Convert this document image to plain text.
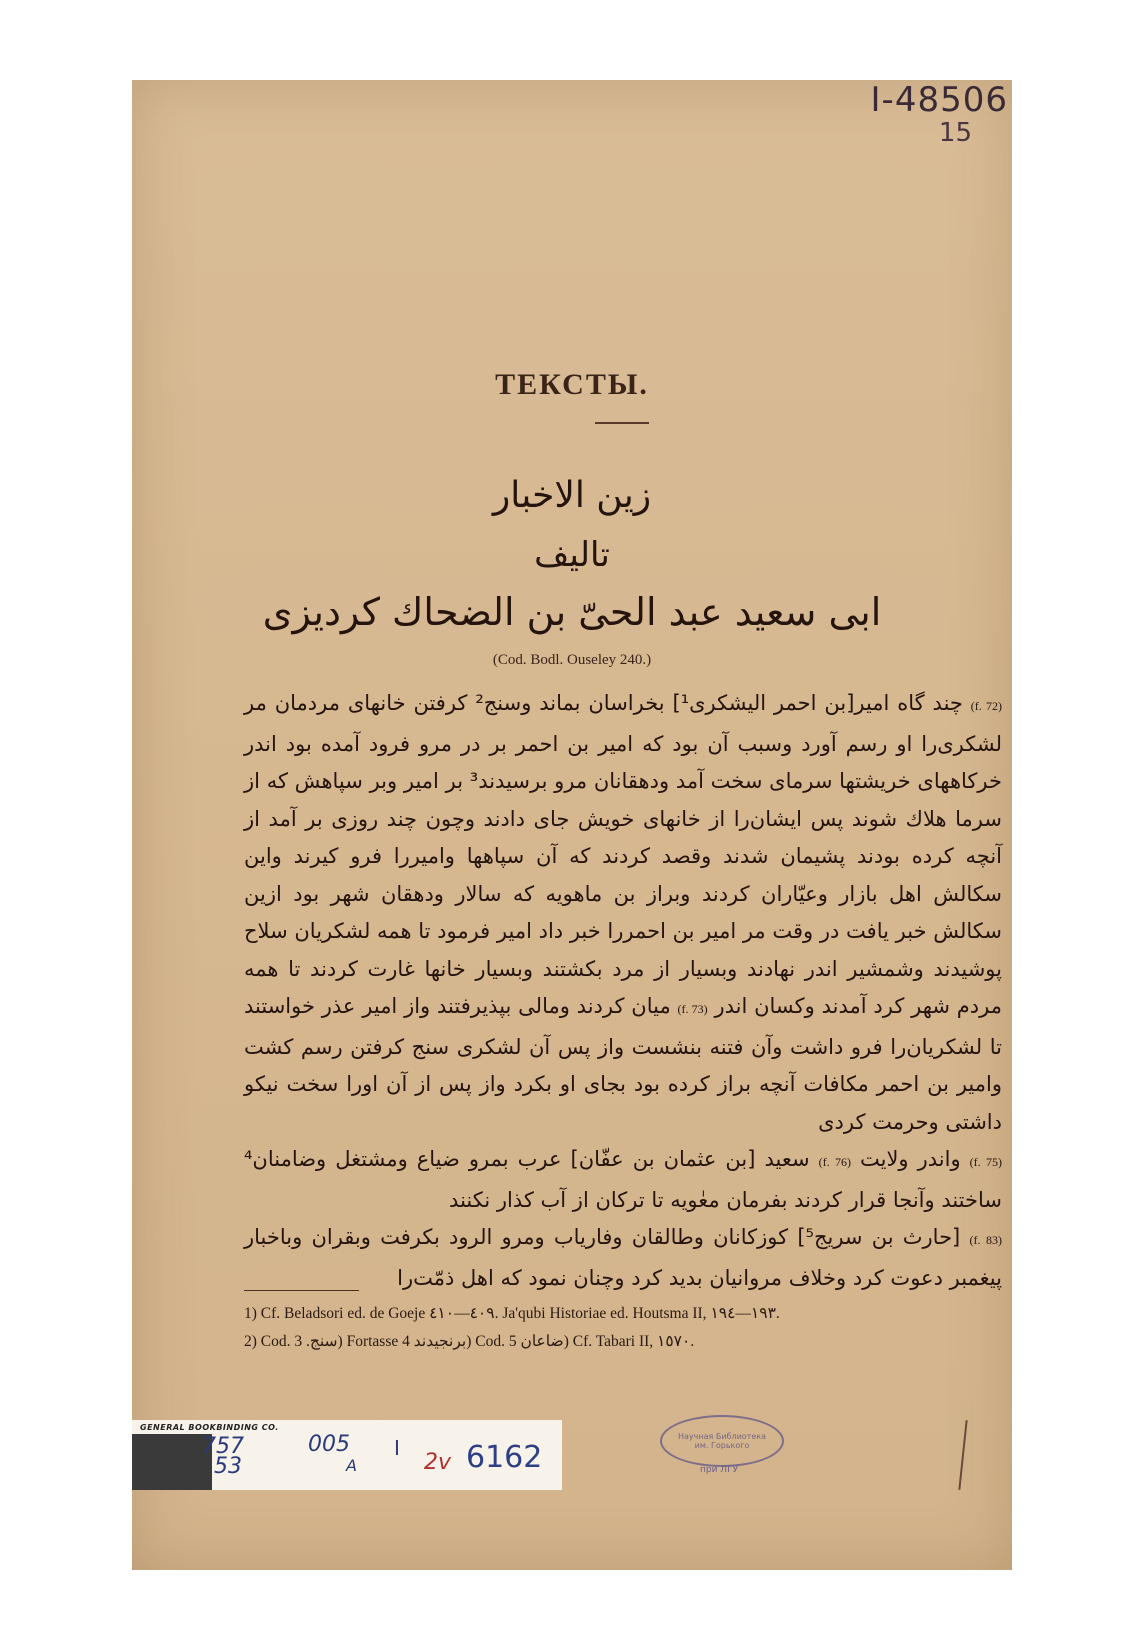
I-48506
15
ТЕКСТЫ.
زين الاخبار
تاليف
ابى سعيد عبد الحىّ بن الضحاك كرديزى
(Cod. Bodl. Ouseley 240.)

(f. 72) چند گاه امير[بن احمر اليشكرى¹] بخراسان بماند وسنج² كرفتن خانهاى مردمان مر لشكرى‌را او رسم آورد وسبب آن بود كه امير بن احمر بر در مرو فرود آمده بود اندر خركاههاى خريشتها سرماى سخت آمد ودهقانان مرو برسيدند³ بر امير وبر سپاهش كه از سرما هلاك شوند پس ايشان‌را از خانهاى خويش جاى دادند وچون چند روزى بر آمد از آنچه كرده بودند پشيمان شدند وقصد كردند كه آن سپاهها وامير‌را فرو كيرند واين سكالش اهل بازار وعيّاران كردند وبراز بن ماهويه كه سالار ودهقان شهر بود ازين سكالش خبر يافت در وقت مر امير بن احمر‌را خبر داد امير فرمود تا همه لشكريان سلاح پوشيدند وشمشير اندر نهادند وبسيار از مرد بكشتند وبسيار خانها غارت كردند تا همه مردم شهر كرد آمدند وكسان اندر (f. 73) ميان كردند ومالى بپذيرفتند واز امير عذر خواستند تا لشكريان‌را فرو داشت وآن فتنه بنشست واز پس آن لشكرى سنج كرفتن رسم كشت وامير بن احمر مكافات آنچه براز كرده بود بجاى او بكرد واز پس از آن اورا سخت نيكو داشتى وحرمت كردى

(f. 75) واندر ولايت (f. 76) سعيد [بن عثمان بن عفّان] عرب بمرو ضياع ومشتغل وضامنان⁴ ساختند وآنجا قرار كردند بفرمان معٰويه تا تركان از آب كذار نكنند

(f. 83) [حارث بن سريج⁵] كوزكانان وطالقان وفارياب ومرو الرود بكرفت وبقران وباخبار پيغمبر دعوت كرد وخلاف مروانيان بديد كرد وچنان نمود كه اهل ذمّت‌را

1) Cf. Beladsori ed. de Goeje ٤٠٩—٤١٠. Ja'qubi Historiae ed. Houtsma II, ١٩٣—١٩٤.
2) Cod. سنج. 3) Fortasse برنجيدند 4) Cod. ضاعان 5) Cf. Tabari II, ١٥٧٠.
Научная Библиотека
им. Горького
при ЛГУ
GENERAL BOOKBINDING CO.
757
53
005
A
I
2v 6162
